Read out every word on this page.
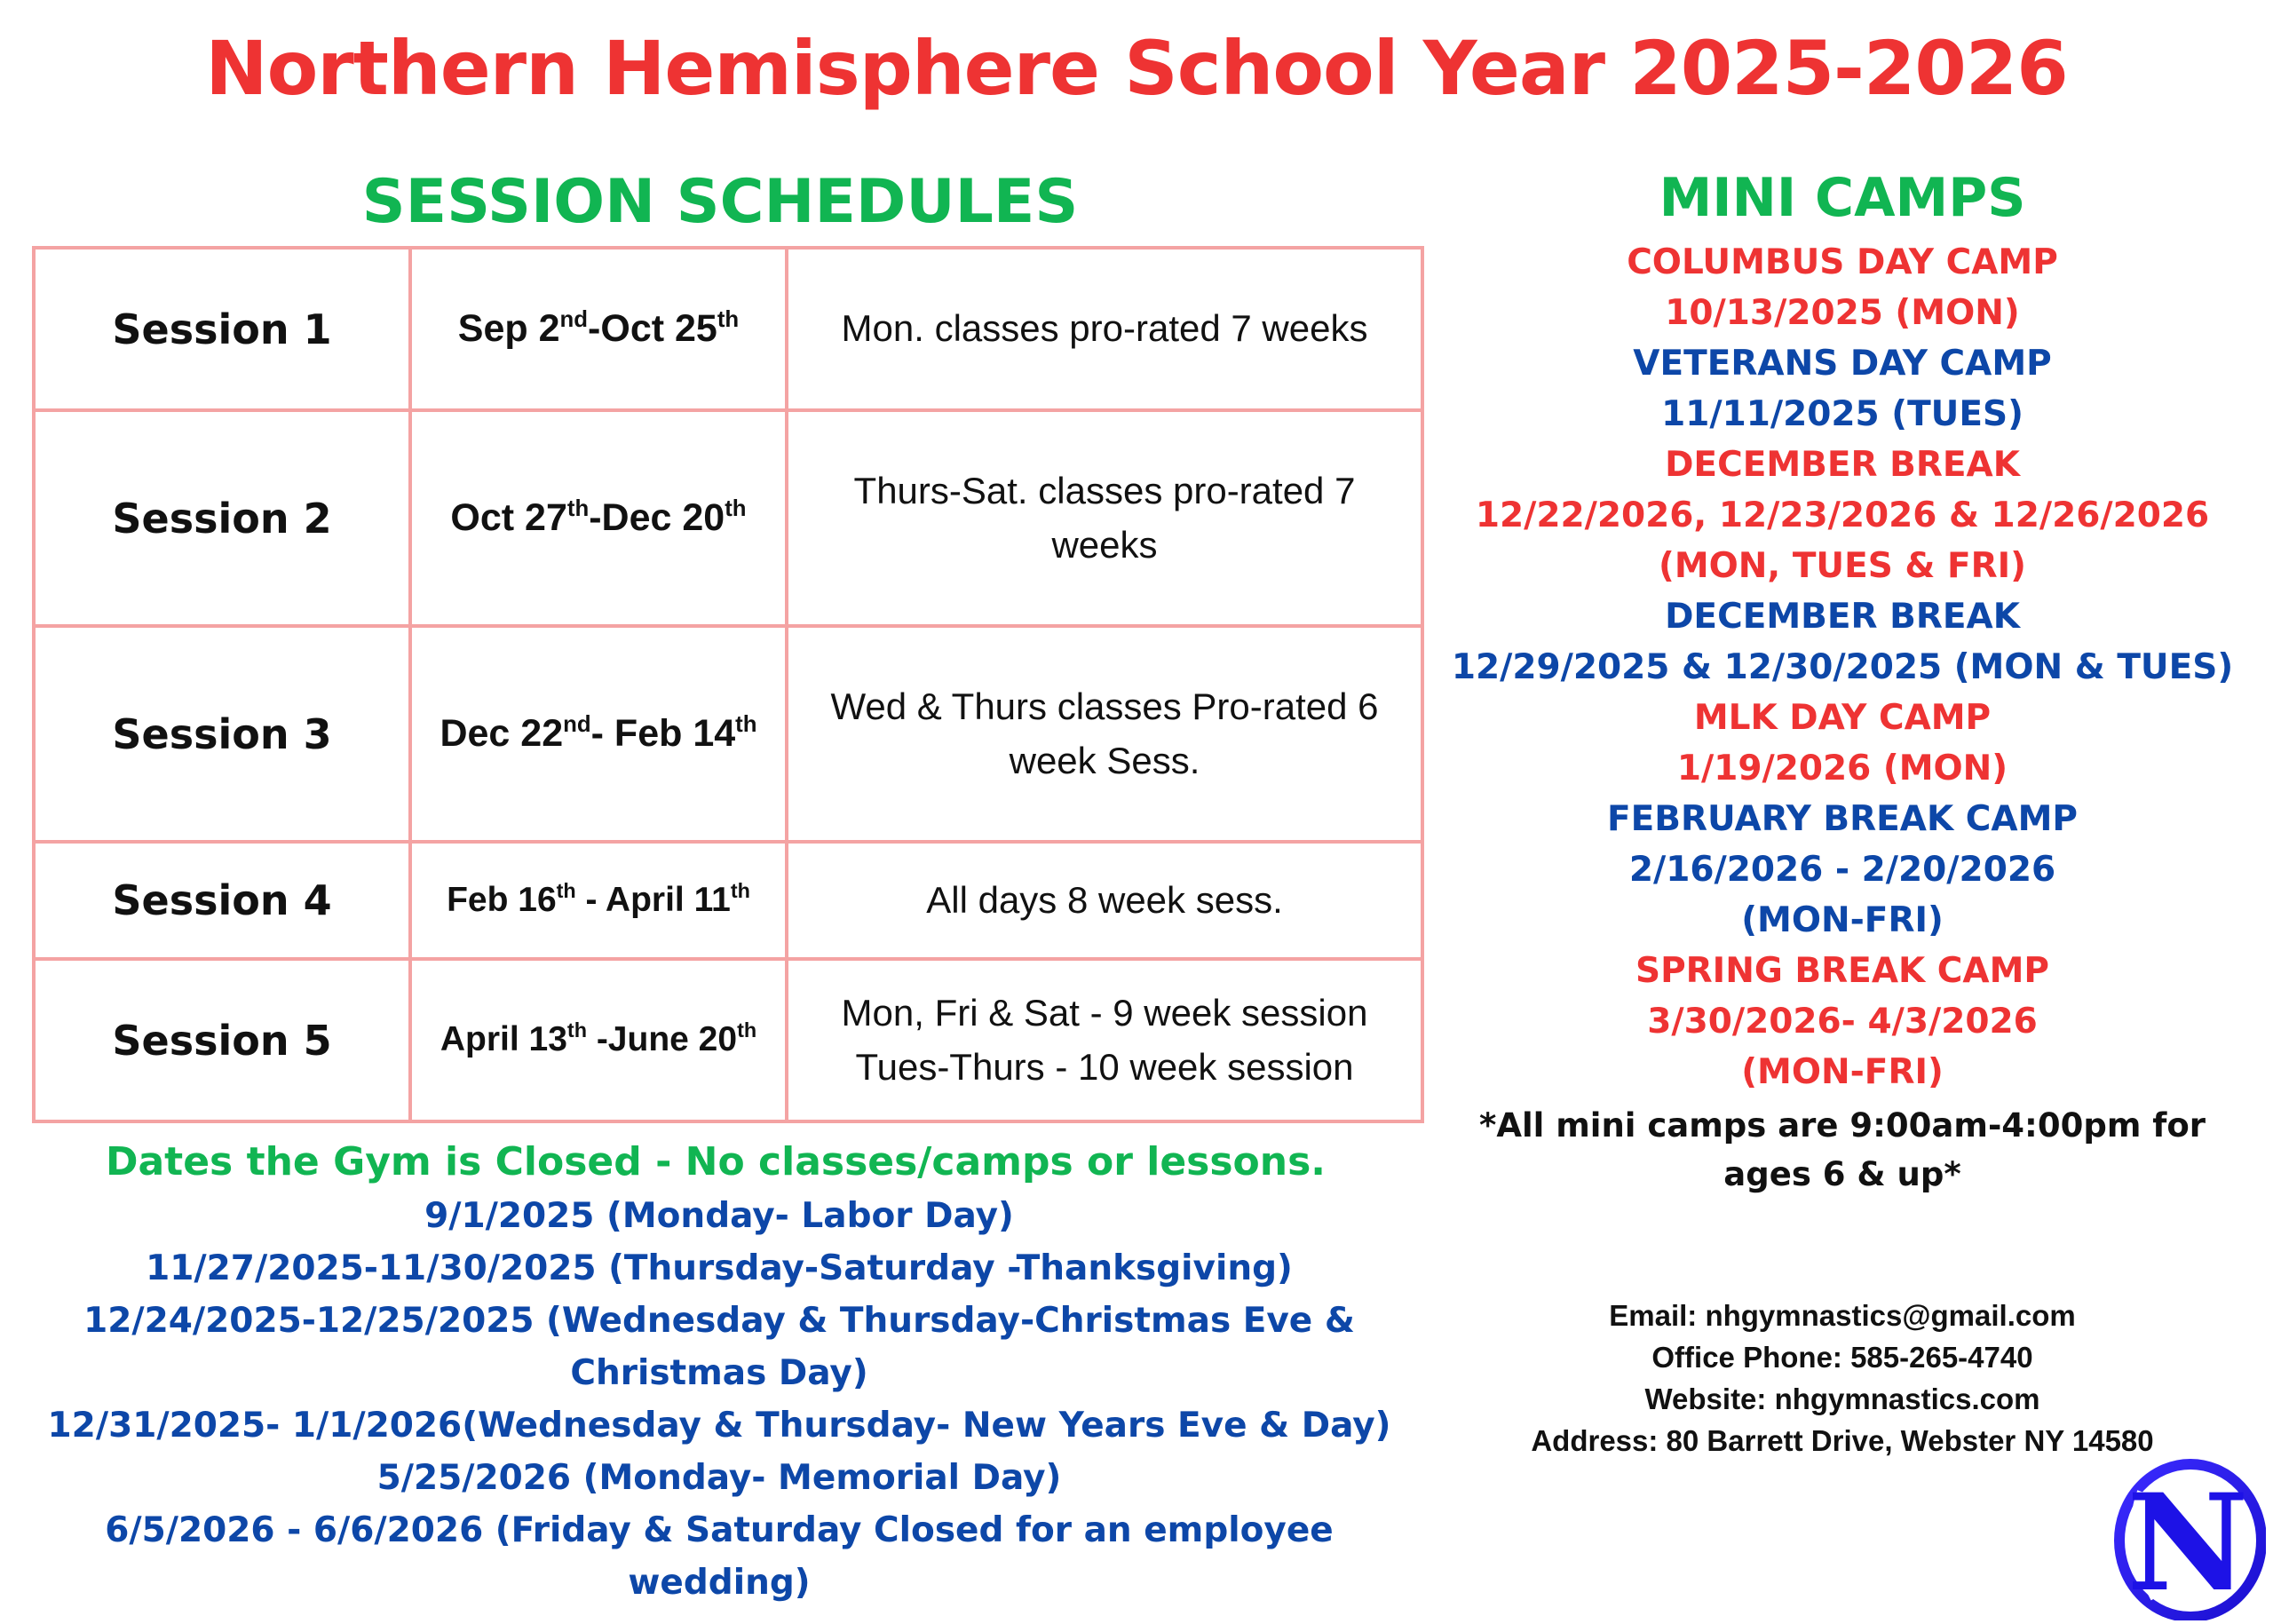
Northern Hemisphere School Year 2025-2026
SESSION SCHEDULES
Session 1	Sep 2nd-Oct 25th	Mon. classes pro-rated 7 weeks

Session 2	Oct 27th-Dec 20th	Thurs-Sat. classes pro-rated 7 weeks

Session 3	Dec 22nd- Feb 14th	Wed & Thurs classes Pro-rated 6 week Sess.

Session 4	Feb 16th - April 11th	All days 8 week sess.

Session 5	April 13th -June 20th	Mon, Fri & Sat - 9 week session
Tues-Thurs - 10 week session
Dates the Gym is Closed - No classes/camps or lessons.
9/1/2025 (Monday- Labor Day)
11/27/2025-11/30/2025 (Thursday-Saturday -Thanksgiving)
12/24/2025-12/25/2025 (Wednesday & Thursday-Christmas Eve &
Christmas Day)
12/31/2025- 1/1/2026(Wednesday & Thursday- New Years Eve & Day)
5/25/2026 (Monday- Memorial Day)
6/5/2026 - 6/6/2026 (Friday & Saturday Closed for an employee
wedding)
MINI CAMPS
COLUMBUS DAY CAMP
10/13/2025 (MON)
VETERANS DAY CAMP
11/11/2025 (TUES)
DECEMBER BREAK
12/22/2026, 12/23/2026 & 12/26/2026
(MON, TUES & FRI)
DECEMBER BREAK
12/29/2025 & 12/30/2025 (MON & TUES)
MLK DAY CAMP
1/19/2026 (MON)
FEBRUARY BREAK CAMP
2/16/2026 - 2/20/2026
(MON-FRI)
SPRING BREAK CAMP
3/30/2026- 4/3/2026
(MON-FRI)
*All mini camps are 9:00am-4:00pm for
ages 6 & up*
Email: nhgymnastics@gmail.com
Office Phone: 585-265-4740
Website: nhgymnastics.com
Address: 80 Barrett Drive, Webster NY 14580
N
